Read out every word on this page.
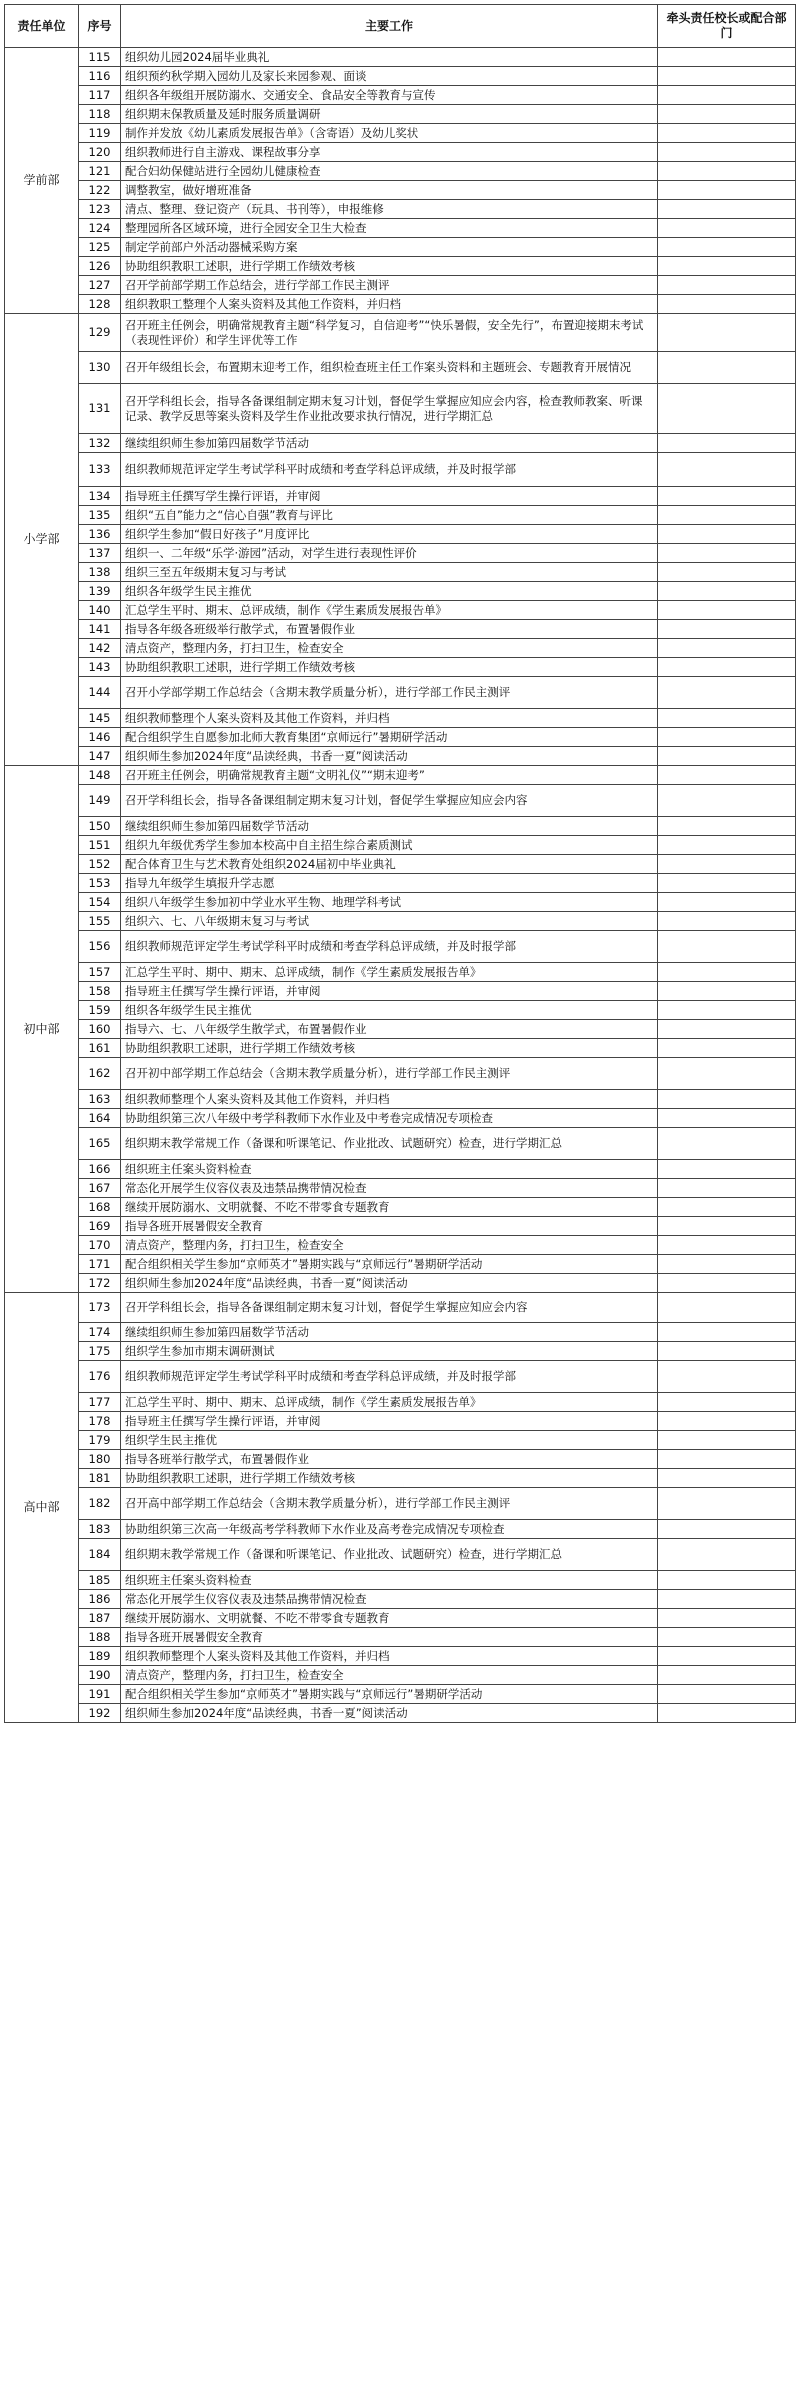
责任单位	序号	主要工作	牵头责任校长或配合部门
学前部	115	组织幼儿园2024届毕业典礼	
	116	组织预约秋学期入园幼儿及家长来园参观、面谈	
	117	组织各年级组开展防溺水、交通安全、食品安全等教育与宣传	
	118	组织期末保教质量及延时服务质量调研	
	119	制作并发放《幼儿素质发展报告单》（含寄语）及幼儿奖状	
	120	组织教师进行自主游戏、课程故事分享	
	121	配合妇幼保健站进行全园幼儿健康检查	
	122	调整教室，做好增班准备	
	123	清点、整理、登记资产（玩具、书刊等），申报维修	
	124	整理园所各区域环境，进行全园安全卫生大检查	
	125	制定学前部户外活动器械采购方案	
	126	协助组织教职工述职，进行学期工作绩效考核	
	127	召开学前部学期工作总结会，进行学部工作民主测评	
	128	组织教职工整理个人案头资料及其他工作资料，并归档	
小学部	129	召开班主任例会，明确常规教育主题“科学复习，自信迎考”“快乐暑假，安全先行”，布置迎接期末考试（表现性评价）和学生评优等工作	
	130	召开年级组长会，布置期末迎考工作，组织检查班主任工作案头资料和主题班会、专题教育开展情况	
	131	召开学科组长会，指导各备课组制定期末复习计划，督促学生掌握应知应会内容，检查教师教案、听课记录、教学反思等案头资料及学生作业批改要求执行情况，进行学期汇总	
	132	继续组织师生参加第四届数学节活动	
	133	组织教师规范评定学生考试学科平时成绩和考查学科总评成绩，并及时报学部	
	134	指导班主任撰写学生操行评语，并审阅	
	135	组织“五自”能力之“信心自强”教育与评比	
	136	组织学生参加“假日好孩子”月度评比	
	137	组织一、二年级“乐学·游园”活动，对学生进行表现性评价	
	138	组织三至五年级期末复习与考试	
	139	组织各年级学生民主推优	
	140	汇总学生平时、期末、总评成绩，制作《学生素质发展报告单》	
	141	指导各年级各班级举行散学式，布置暑假作业	
	142	清点资产，整理内务，打扫卫生，检查安全	
	143	协助组织教职工述职，进行学期工作绩效考核	
	144	召开小学部学期工作总结会（含期末教学质量分析），进行学部工作民主测评	
	145	组织教师整理个人案头资料及其他工作资料，并归档	
	146	配合组织学生自愿参加北师大教育集团“京师远行”暑期研学活动	
	147	组织师生参加2024年度“品读经典，书香一夏”阅读活动	
初中部	148	召开班主任例会，明确常规教育主题“文明礼仪”“期末迎考”	
	149	召开学科组长会，指导各备课组制定期末复习计划，督促学生掌握应知应会内容	
	150	继续组织师生参加第四届数学节活动	
	151	组织九年级优秀学生参加本校高中自主招生综合素质测试	
	152	配合体育卫生与艺术教育处组织2024届初中毕业典礼	
	153	指导九年级学生填报升学志愿	
	154	组织八年级学生参加初中学业水平生物、地理学科考试	
	155	组织六、七、八年级期末复习与考试	
	156	组织教师规范评定学生考试学科平时成绩和考查学科总评成绩，并及时报学部	
	157	汇总学生平时、期中、期末、总评成绩，制作《学生素质发展报告单》	
	158	指导班主任撰写学生操行评语，并审阅	
	159	组织各年级学生民主推优	
	160	指导六、七、八年级学生散学式，布置暑假作业	
	161	协助组织教职工述职，进行学期工作绩效考核	
	162	召开初中部学期工作总结会（含期末教学质量分析），进行学部工作民主测评	
	163	组织教师整理个人案头资料及其他工作资料，并归档	
	164	协助组织第三次八年级中考学科教师下水作业及中考卷完成情况专项检查	
	165	组织期末教学常规工作（备课和听课笔记、作业批改、试题研究）检查，进行学期汇总	
	166	组织班主任案头资料检查	
	167	常态化开展学生仪容仪表及违禁品携带情况检查	
	168	继续开展防溺水、文明就餐、不吃不带零食专题教育	
	169	指导各班开展暑假安全教育	
	170	清点资产，整理内务，打扫卫生，检查安全	
	171	配合组织相关学生参加“京师英才”暑期实践与“京师远行”暑期研学活动	
	172	组织师生参加2024年度“品读经典，书香一夏”阅读活动	
高中部	173	召开学科组长会，指导各备课组制定期末复习计划，督促学生掌握应知应会内容	
	174	继续组织师生参加第四届数学节活动	
	175	组织学生参加市期末调研测试	
	176	组织教师规范评定学生考试学科平时成绩和考查学科总评成绩，并及时报学部	
	177	汇总学生平时、期中、期末、总评成绩，制作《学生素质发展报告单》	
	178	指导班主任撰写学生操行评语，并审阅	
	179	组织学生民主推优	
	180	指导各班举行散学式，布置暑假作业	
	181	协助组织教职工述职，进行学期工作绩效考核	
	182	召开高中部学期工作总结会（含期末教学质量分析），进行学部工作民主测评	
	183	协助组织第三次高一年级高考学科教师下水作业及高考卷完成情况专项检查	
	184	组织期末教学常规工作（备课和听课笔记、作业批改、试题研究）检查，进行学期汇总	
	185	组织班主任案头资料检查	
	186	常态化开展学生仪容仪表及违禁品携带情况检查	
	187	继续开展防溺水、文明就餐、不吃不带零食专题教育	
	188	指导各班开展暑假安全教育	
	189	组织教师整理个人案头资料及其他工作资料，并归档	
	190	清点资产，整理内务，打扫卫生，检查安全	
	191	配合组织相关学生参加“京师英才”暑期实践与“京师远行”暑期研学活动	
	192	组织师生参加2024年度“品读经典，书香一夏”阅读活动	
